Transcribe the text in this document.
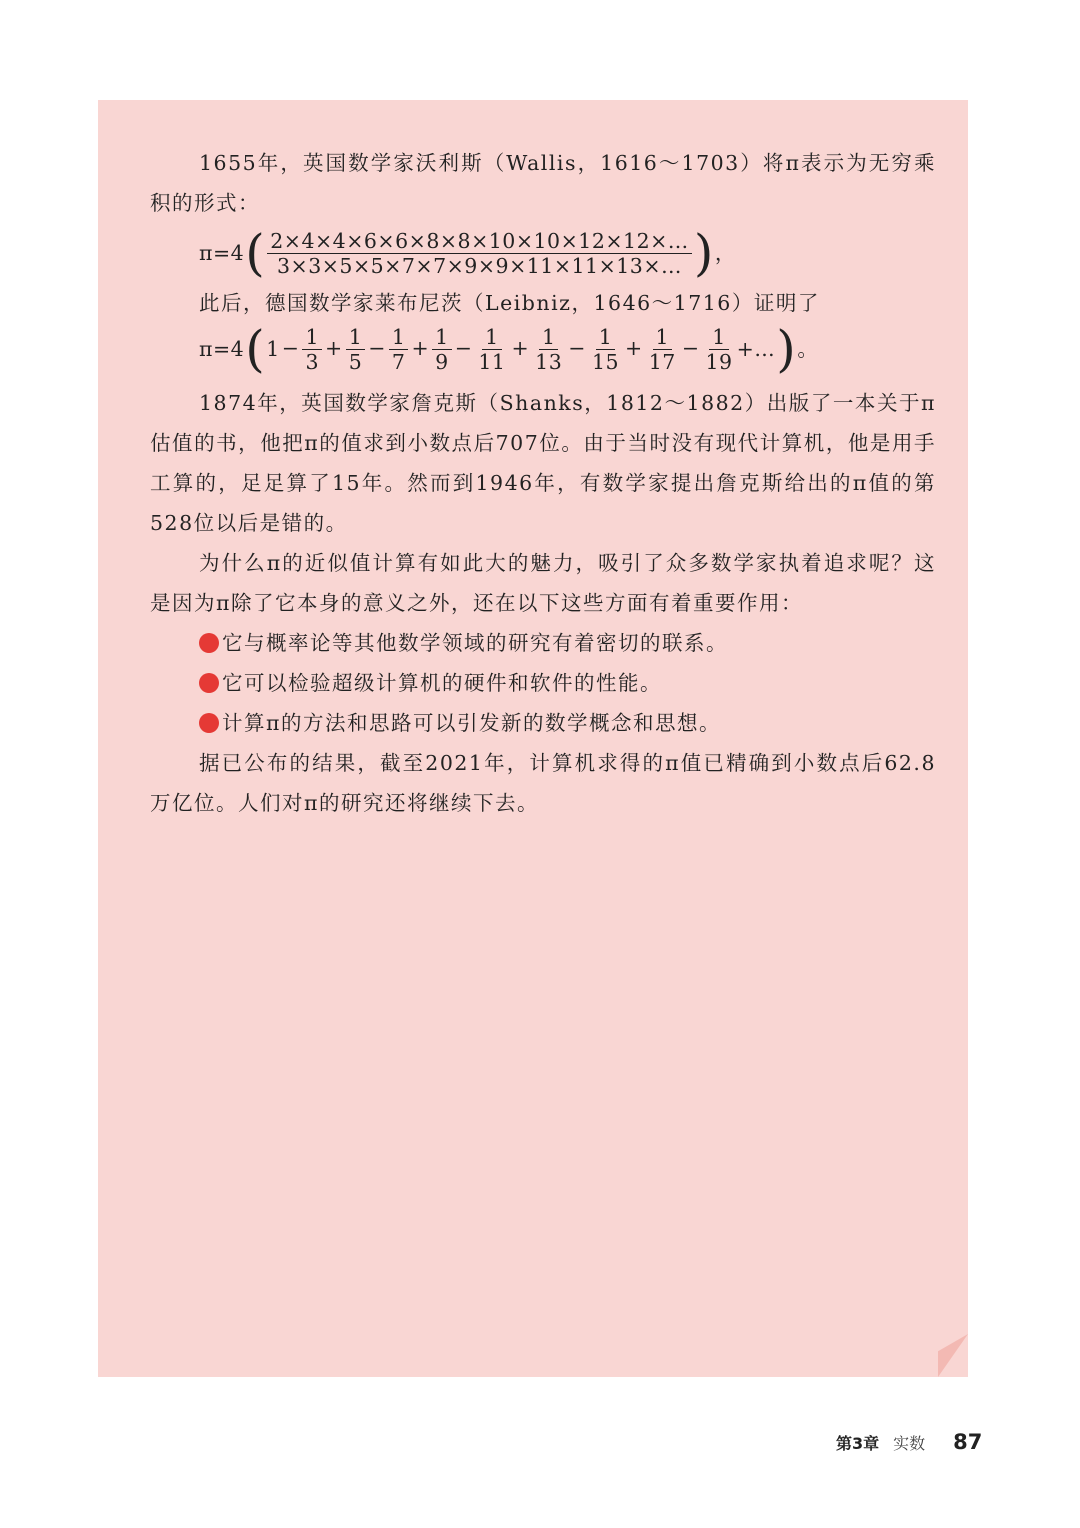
1655年，英国数学家沃利斯（Wallis，1616～1703）将π表示为无穷乘积的形式：

π=4 ( $\frac{2\times 4\times 4\times 6\times 6\times 8\times 8\times 10\times 10\times 12\times 12\times\dots}{3\times 3\times 5\times 5\times 7\times 7\times 9\times 9\times 11\times 11\times 13\times\dots}$ ) ，

此后，德国数学家莱布尼茨（Leibniz，1646～1716）证明了

π=4 ( $1 - \frac{1}{3} + \frac{1}{5} - \frac{1}{7} + \frac{1}{9} - \frac{1}{11} + \frac{1}{13} - \frac{1}{15} + \frac{1}{17} - \frac{1}{19}$ +… ) 。

1874年，英国数学家詹克斯（Shanks，1812～1882）出版了一本关于π估值的书，他把π的值求到小数点后707位。由于当时没有现代计算机，他是用手工算的，足足算了15年。然而到1946年，有数学家提出詹克斯给出的π值的第528位以后是错的。

为什么π的近似值计算有如此大的魅力，吸引了众多数学家执着追求呢？这是因为π除了它本身的意义之外，还在以下这些方面有着重要作用：

它与概率论等其他数学领域的研究有着密切的联系。

它可以检验超级计算机的硬件和软件的性能。

计算π的方法和思路可以引发新的数学概念和思想。

据已公布的结果，截至2021年，计算机求得的π值已精确到小数点后62.8万亿位。人们对π的研究还将继续下去。

第3章 实数 87
